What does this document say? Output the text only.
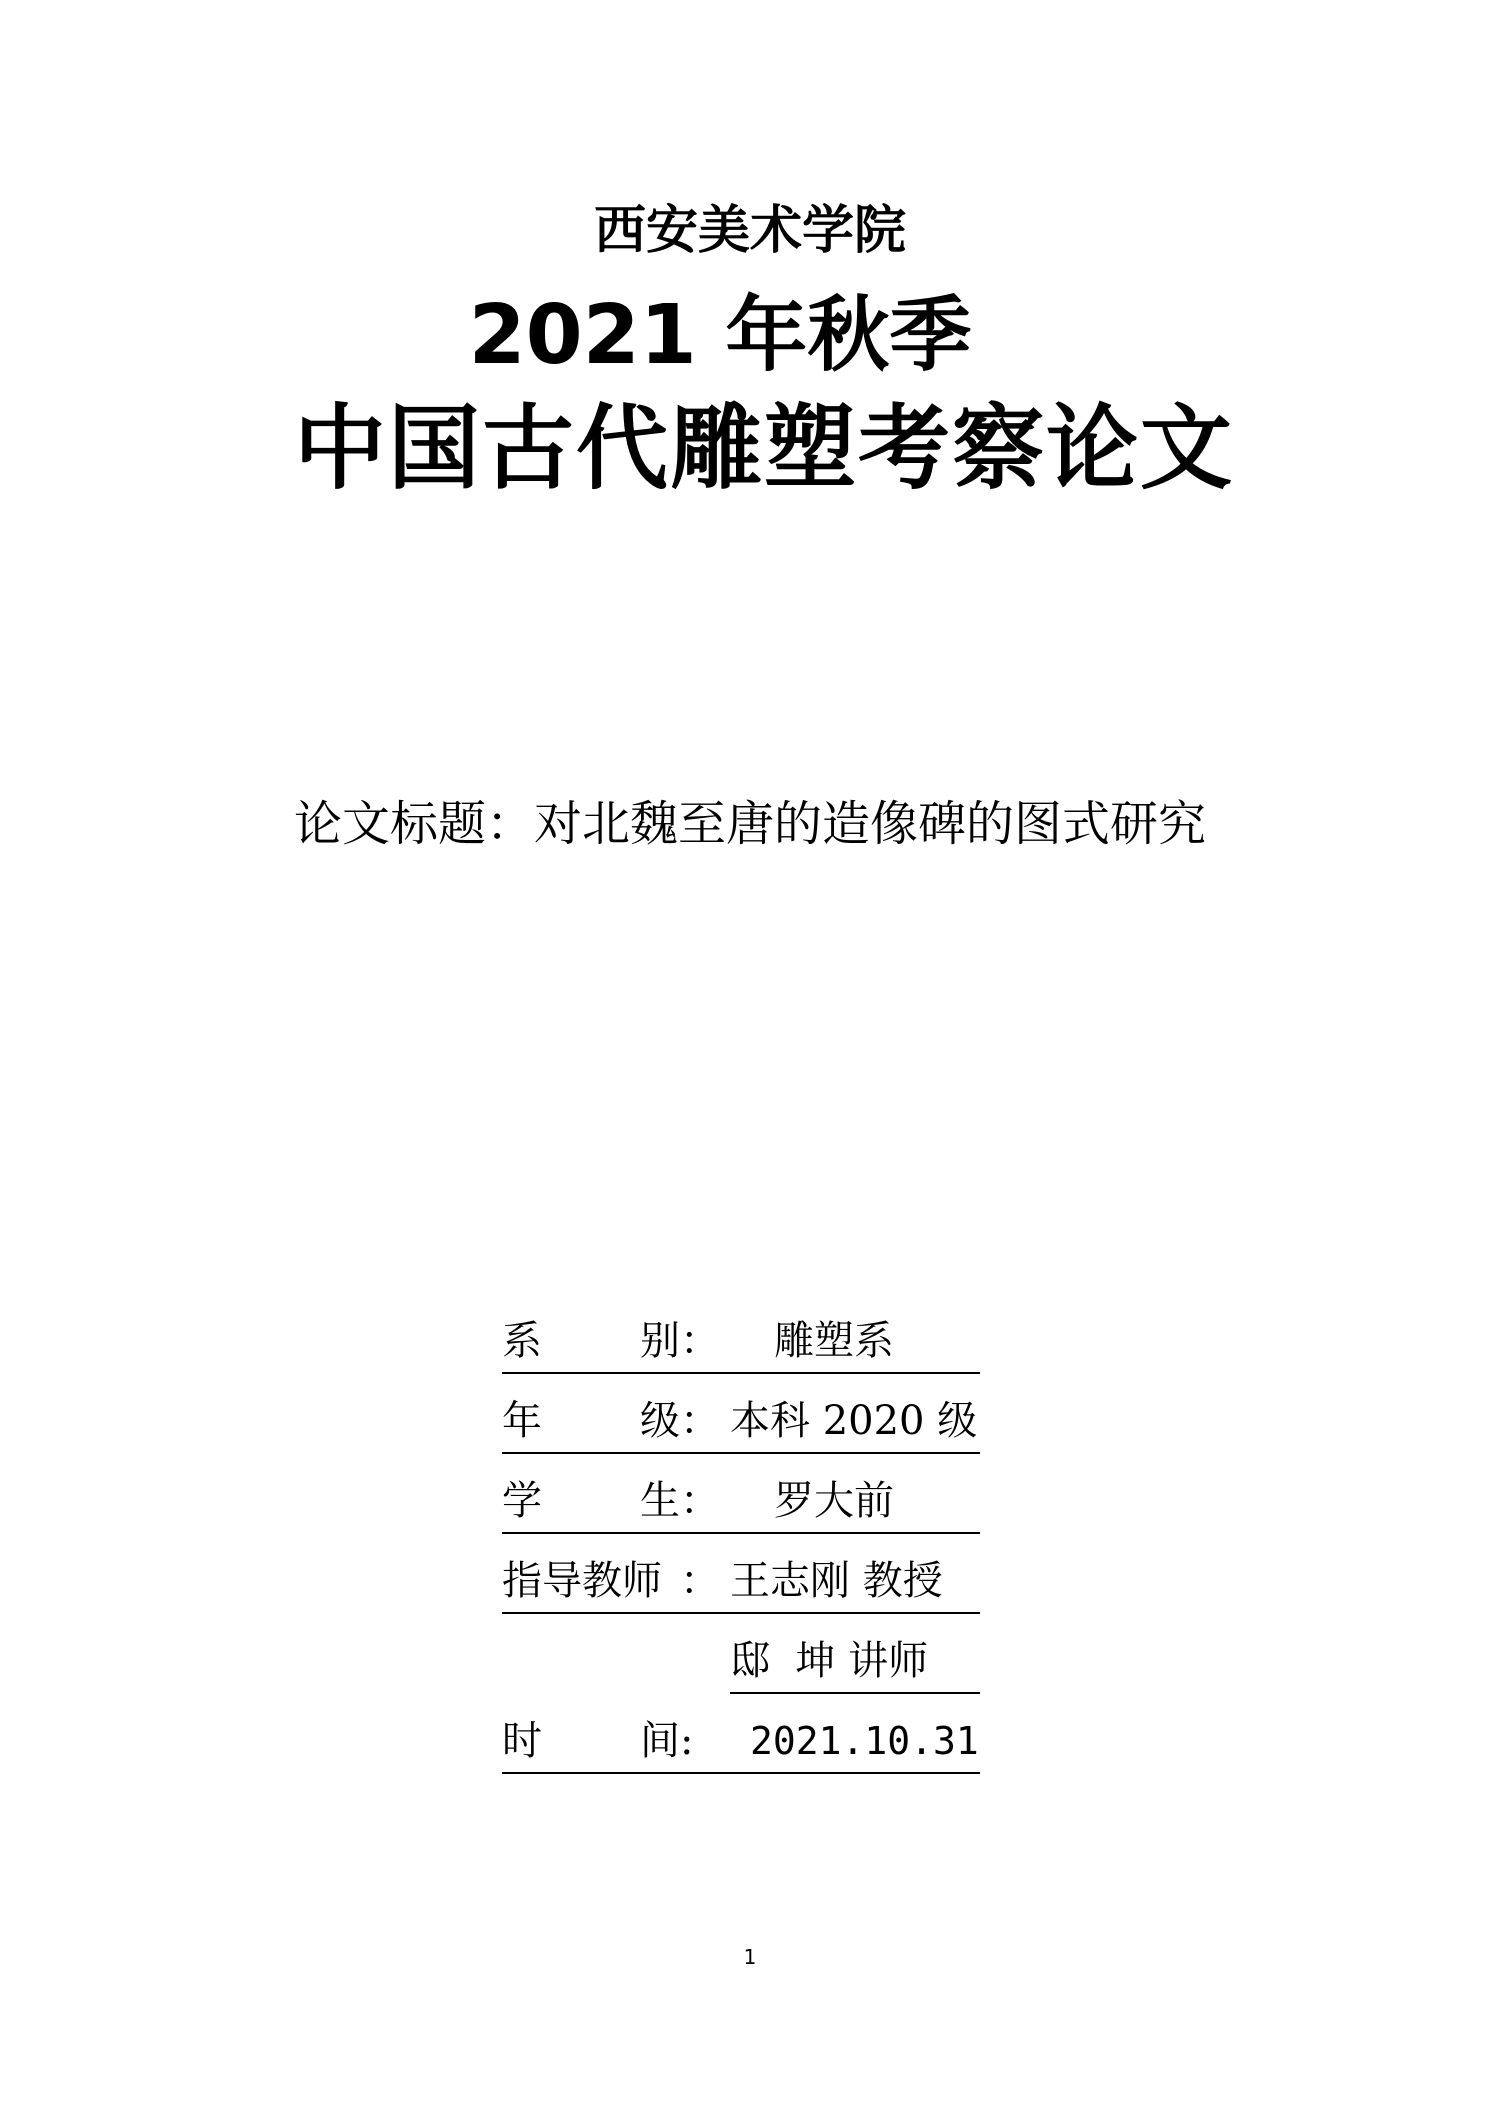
西安美术学院
2021 年秋季
中国古代雕塑考察论文
论文标题：对北魏至唐的造像碑的图式研究
系 别 ： 雕塑系
年 级 ： 本科 2020 级
学 生 ： 罗大前
指导教师 ： 王志刚 教授
邸  坤 讲师
时 间 : 2021.10.31
1
